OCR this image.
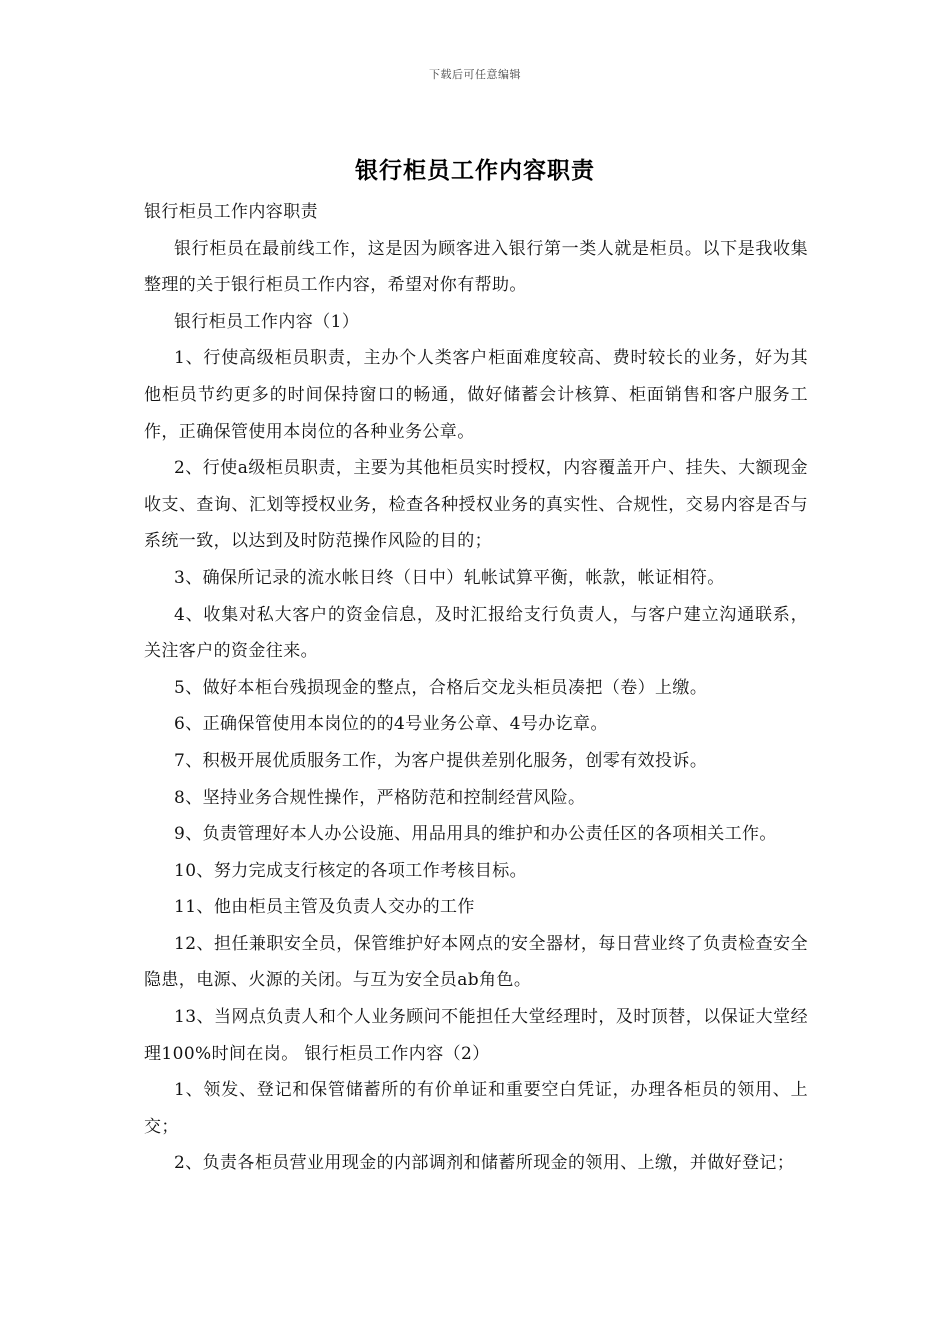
下载后可任意编辑
银行柜员工作内容职责

银行柜员工作内容职责

银行柜员在最前线工作，这是因为顾客进入银行第一类人就是柜员。以下是我收集整理的关于银行柜员工作内容，希望对你有帮助。

银行柜员工作内容（1）

1、行使高级柜员职责，主办个人类客户柜面难度较高、费时较长的业务，好为其他柜员节约更多的时间保持窗口的畅通，做好储蓄会计核算、柜面销售和客户服务工作，正确保管使用本岗位的各种业务公章。

2、行使a级柜员职责，主要为其他柜员实时授权，内容覆盖开户、挂失、大额现金收支、查询、汇划等授权业务，检查各种授权业务的真实性、合规性，交易内容是否与系统一致，以达到及时防范操作风险的目的；

3、确保所记录的流水帐日终（日中）轧帐试算平衡，帐款，帐证相符。

4、收集对私大客户的资金信息，及时汇报给支行负责人，与客户建立沟通联系，关注客户的资金往来。

5、做好本柜台残损现金的整点，合格后交龙头柜员凑把（卷）上缴。

6、正确保管使用本岗位的的4号业务公章、4号办讫章。

7、积极开展优质服务工作，为客户提供差别化服务，创零有效投诉。

8、坚持业务合规性操作，严格防范和控制经营风险。

9、负责管理好本人办公设施、用品用具的维护和办公责任区的各项相关工作。

10、努力完成支行核定的各项工作考核目标。

11、他由柜员主管及负责人交办的工作

12、担任兼职安全员，保管维护好本网点的安全器材，每日营业终了负责检查安全隐患，电源、火源的关闭。与互为安全员ab角色。

13、当网点负责人和个人业务顾问不能担任大堂经理时，及时顶替，以保证大堂经理100%时间在岗。 银行柜员工作内容（2）

1、领发、登记和保管储蓄所的有价单证和重要空白凭证，办理各柜员的领用、上交；

2、负责各柜员营业用现金的内部调剂和储蓄所现金的领用、上缴，并做好登记；
